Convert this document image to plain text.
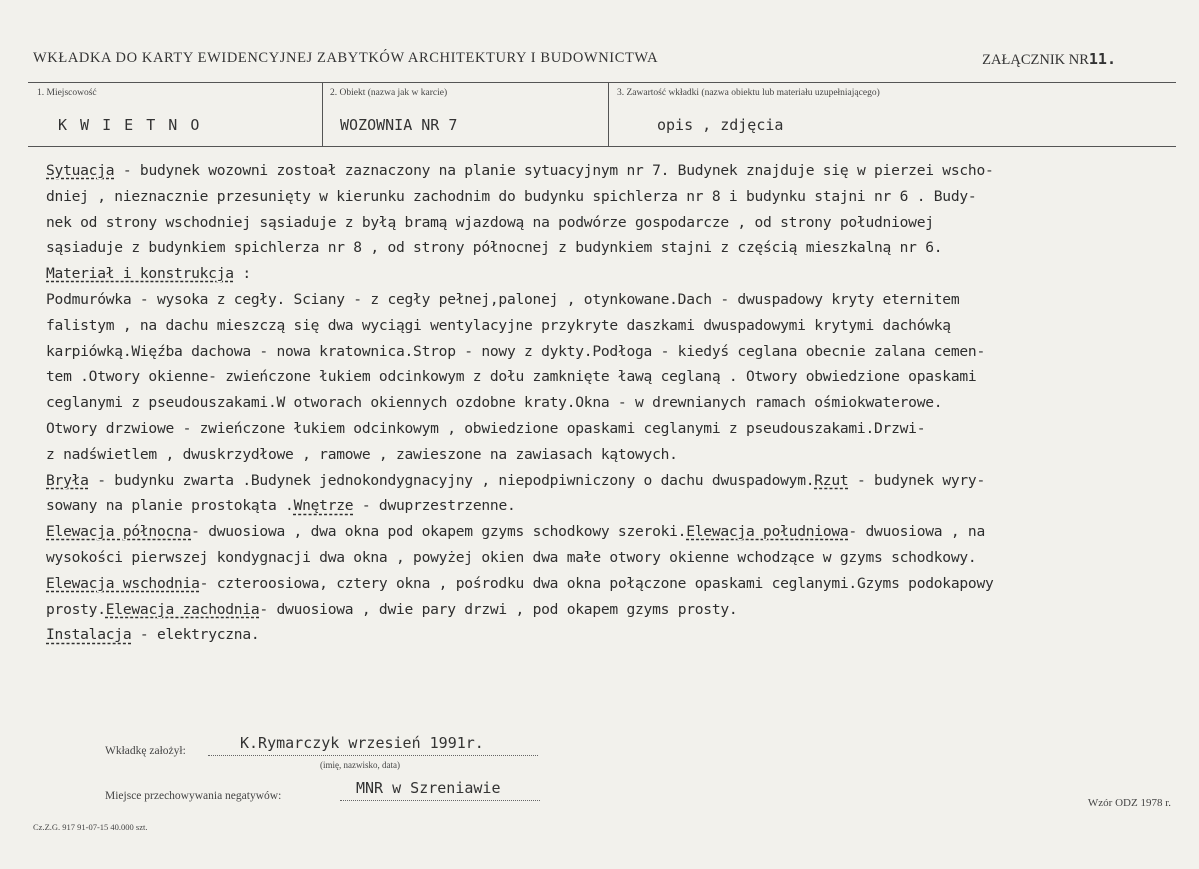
WKŁADKA DO KARTY EWIDENCYJNEJ ZABYTKÓW ARCHITEKTURY I BUDOWNICTWA	ZAŁĄCZNIK NR11.
1. Miejscowość
K W I E T N O
2. Obiekt (nazwa jak w karcie)
WOZOWNIA NR 7
3. Zawartość wkładki (nazwa obiektu lub materiału uzupełniającego)
opis , zdjęcia
Sytuacja - budynek wozowni zostoał zaznaczony na planie sytuacyjnym nr 7. Budynek znajduje się w pierzei wscho-
dniej , nieznacznie przesunięty w kierunku zachodnim do budynku spichlerza nr 8 i budynku stajni nr 6 . Budy-
nek od strony wschodniej sąsiaduje z byłą bramą wjazdową na podwórze gospodarcze , od strony południowej
sąsiaduje z budynkiem spichlerza nr 8 , od strony północnej z budynkiem stajni z częścią mieszkalną nr 6.
Materiał i konstrukcja :
Podmurówka - wysoka z cegły. Sciany - z cegły pełnej,palonej , otynkowane.Dach - dwuspadowy kryty eternitem
falistym , na dachu mieszczą się dwa wyciągi wentylacyjne przykryte daszkami dwuspadowymi krytymi dachówką
karpiówką.Więźba dachowa - nowa kratownica.Strop - nowy z dykty.Podłoga - kiedyś ceglana obecnie zalana cemen-
tem .Otwory okienne- zwieńczone łukiem odcinkowym z dołu zamknięte ławą ceglaną . Otwory obwiedzione opaskami
ceglanymi z pseudouszakami.W otworach okiennych ozdobne kraty.Okna - w drewnianych ramach ośmiokwaterowe.
Otwory drzwiowe - zwieńczone łukiem odcinkowym , obwiedzione opaskami ceglanymi z pseudouszakami.Drzwi-
z nadświetlem , dwuskrzydłowe , ramowe , zawieszone na zawiasach kątowych.
Bryła - budynku zwarta .Budynek jednokondygnacyjny , niepodpiwniczony o dachu dwuspadowym.Rzut - budynek wyry-
sowany na planie prostokąta .Wnętrze - dwuprzestrzenne.
Elewacja północna- dwuosiowa , dwa okna pod okapem gzyms schodkowy szeroki.Elewacja południowa- dwuosiowa , na
wysokości pierwszej kondygnacji dwa okna , powyżej okien dwa małe otwory okienne wchodzące w gzyms schodkowy.
Elewacja wschodnia- czteroosiowa, cztery okna , pośrodku dwa okna połączone opaskami ceglanymi.Gzyms podokapowy
prosty.Elewacja zachodnia- dwuosiowa , dwie pary drzwi , pod okapem gzyms prosty.
Instalacja - elektryczna.
Wkładkę założył:	K.Rymarczyk wrzesień 1991r.
(imię, nazwisko, data)
Miejsce przechowywania negatywów:	MNR w Szreniawie
Wzór ODZ 1978 r.
Cz.Z.G. 917 91-07-15 40.000 szt.
